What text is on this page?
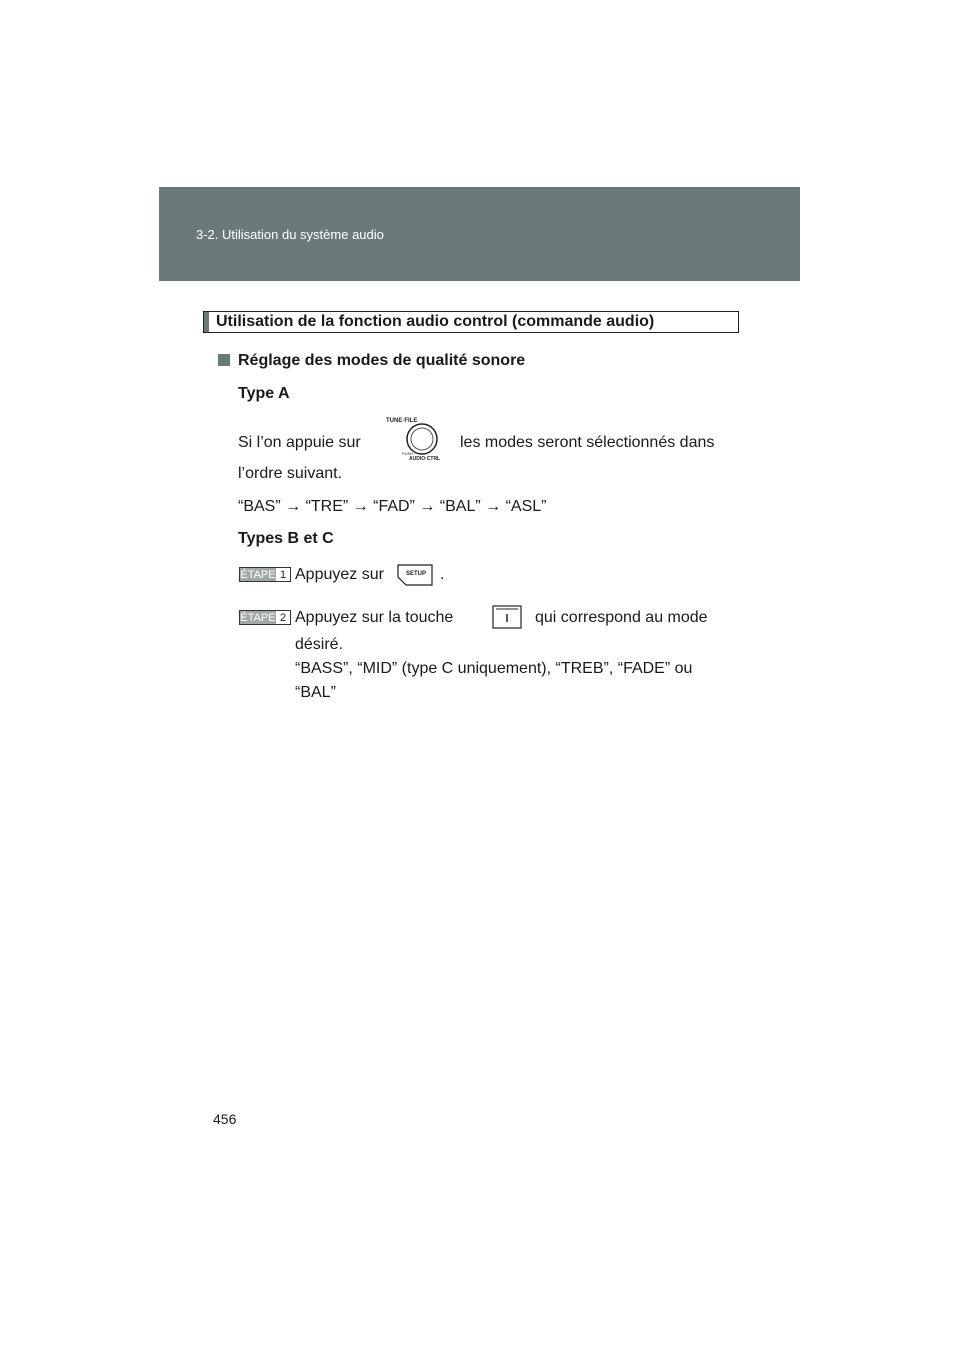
3-2. Utilisation du système audio
Utilisation de la fonction audio control (commande audio)
Réglage des modes de qualité sonore
Type A
Si l’on appuie sur
TUNE·FILE
PUSH
AUDIO·CTRL
les modes seront sélectionnés dans
l’ordre suivant.
“BAS” → “TRE” → “FAD” → “BAL” → “ASL”
Types B et C
ÉTAPE 1 Appuyez sur	SETUP .
ÉTAPE 2 Appuyez sur la touche	qui correspond au mode
désiré.
“BASS”, “MID” (type C uniquement), “TREB”, “FADE” ou
“BAL”
456
